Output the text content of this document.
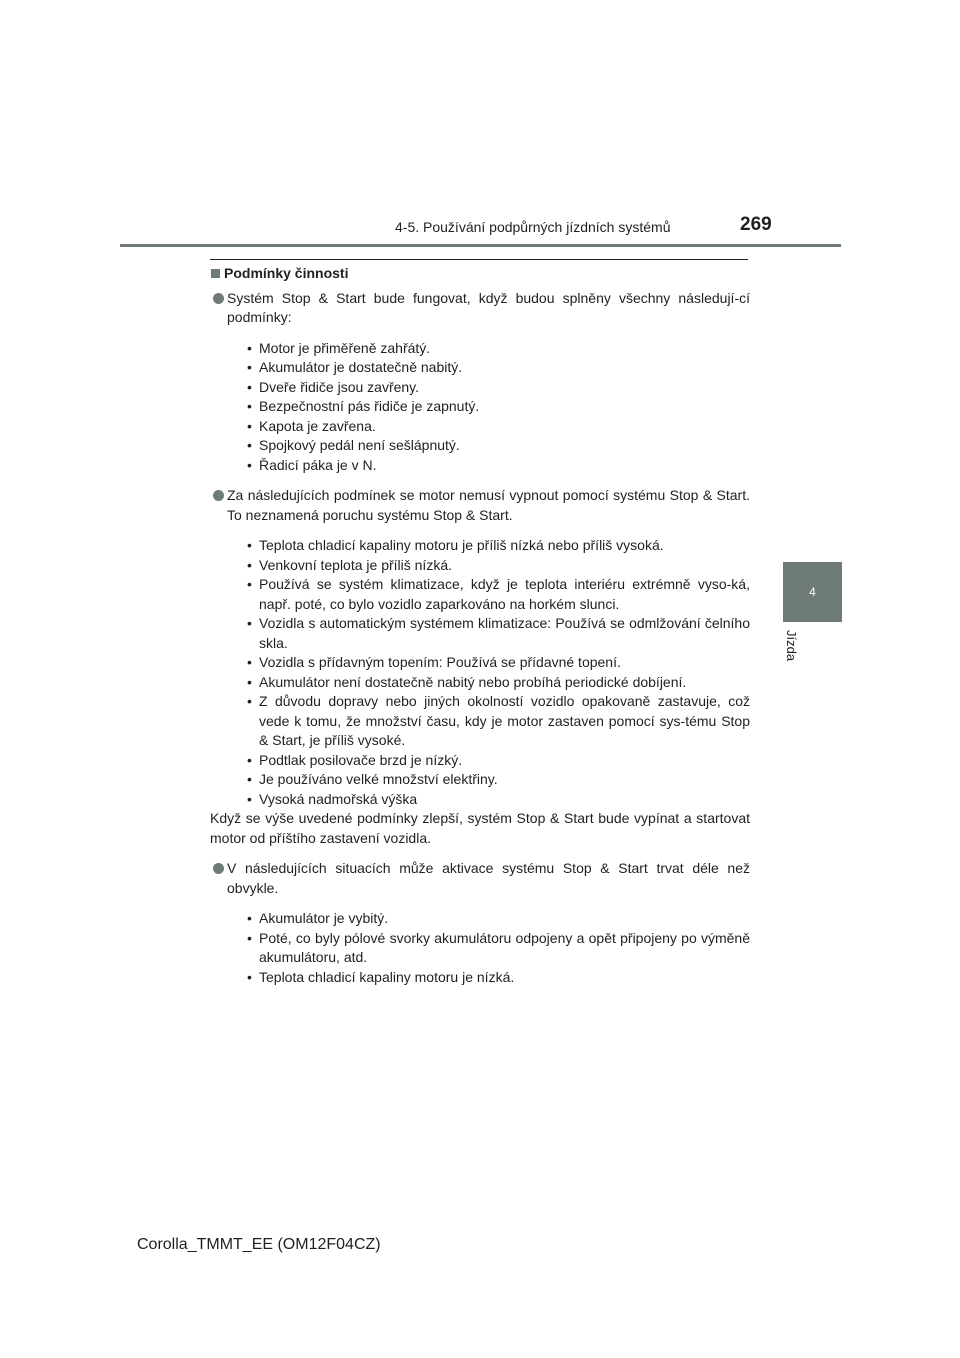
4-5. Používání podpůrných jízdních systémů	269
4
Jízda
Podmínky činnosti
Systém Stop & Start bude fungovat, když budou splněny všechny následují-cí podmínky:
• Motor je přiměřeně zahřátý.
• Akumulátor je dostatečně nabitý.
• Dveře řidiče jsou zavřeny.
• Bezpečnostní pás řidiče je zapnutý.
• Kapota je zavřena.
• Spojkový pedál není sešlápnutý.
• Řadicí páka je v N.
Za následujících podmínek se motor nemusí vypnout pomocí systému Stop & Start. To neznamená poruchu systému Stop & Start.
• Teplota chladicí kapaliny motoru je příliš nízká nebo příliš vysoká.
• Venkovní teplota je příliš nízká.
• Používá se systém klimatizace, když je teplota interiéru extrémně vyso-ká, např. poté, co bylo vozidlo zaparkováno na horkém slunci.
• Vozidla s automatickým systémem klimatizace: Používá se odmlžování čelního skla.
• Vozidla s přídavným topením: Používá se přídavné topení.
• Akumulátor není dostatečně nabitý nebo probíhá periodické dobíjení.
• Z důvodu dopravy nebo jiných okolností vozidlo opakovaně zastavuje, což vede k tomu, že množství času, kdy je motor zastaven pomocí sys-tému Stop & Start, je příliš vysoké.
• Podtlak posilovače brzd je nízký.
• Je používáno velké množství elektřiny.
• Vysoká nadmořská výška
Když se výše uvedené podmínky zlepší, systém Stop & Start bude vypínat a startovat motor od příštího zastavení vozidla.
V následujících situacích může aktivace systému Stop & Start trvat déle než obvykle.
• Akumulátor je vybitý.
• Poté, co byly pólové svorky akumulátoru odpojeny a opět připojeny po výměně akumulátoru, atd.
• Teplota chladicí kapaliny motoru je nízká.
Corolla_TMMT_EE (OM12F04CZ)
